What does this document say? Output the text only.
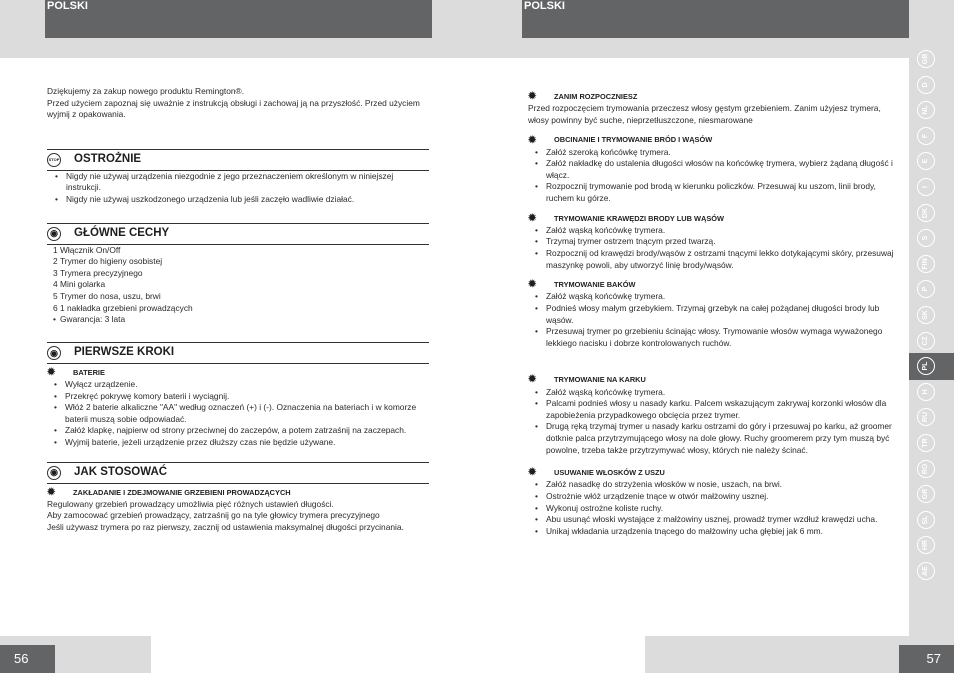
POLSKI	POLSKI

Dziękujemy za zakup nowego produktu Remington®.

Przed użyciem zapoznaj się uważnie z instrukcją obsługi i zachowaj ją na przyszłość. Przed użyciem wyjmij z opakowania.

STOP OSTROŻNIE
• Nigdy nie używaj urządzenia niezgodnie z jego przeznaczeniem określonym w niniejszej instrukcji.
• Nigdy nie używaj uszkodzonego urządzenia lub jeśli zaczęło wadliwie działać.
◉ GŁÓWNE CECHY
1 Włącznik On/Off
2 Trymer do higieny osobistej
3 Trymera precyzyjnego
4 Mini golarka
5 Trymer do nosa, uszu, brwi
6 1 nakładka grzebieni prowadzących
•
Gwarancja: 3 lata
◉ PIERWSZE KROKI
✹ BATERIE
• Wyłącz urządzenie.
• Przekręć pokrywę komory baterii i wyciągnij.
• Włóż 2 baterie alkaliczne "AA" według oznaczeń (+) i (-). Oznaczenia na bateriach i w komorze baterii muszą sobie odpowiadać.
• Załóż klapkę, najpierw od strony przeciwnej do zaczepów, a potem zatrzaśnij na zaczepach.
• Wyjmij baterie, jeżeli urządzenie przez dłuższy czas nie będzie używane.
◉ JAK STOSOWAĆ
✹ ZAKŁADANIE I ZDEJMOWANIE GRZEBIENI PROWADZĄCYCH

Regulowany grzebień prowadzący umożliwia pięć różnych ustawień długości.

Aby zamocować grzebień prowadzący, zatrzaśnij go na tyle głowicy trymera precyzyjnego

Jeśli używasz trymera po raz pierwszy, zacznij od ustawienia maksymalnej długości przycinania.

✹ ZANIM ROZPOCZNIESZ

Przed rozpoczęciem trymowania przeczesz włosy gęstym grzebieniem. Zanim użyjesz trymera, włosy powinny być suche, nieprzetłuszczone, niesmarowane

✹ OBCINANIE I TRYMOWANIE BRÓD I WĄSÓW
• Załóż szeroką końcówkę trymera.
• Załóż nakładkę do ustalenia długości włosów na końcówkę trymera, wybierz żądaną długość i włącz.
• Rozpocznij trymowanie pod brodą w kierunku policzków. Przesuwaj ku uszom, linii brody, ruchem ku górze.
✹ TRYMOWANIE KRAWĘDZI BRODY LUB WĄSÓW
• Załóż wąską końcówkę trymera.
• Trzymaj trymer ostrzem tnącym przed twarzą.
• Rozpocznij od krawędzi brody/wąsów z ostrzami tnącymi lekko dotykającymi skóry, przesuwaj maszynkę powoli, aby utworzyć linię brody/wąsów.
✹ TRYMOWANIE BAKÓW
• Załóż wąską końcówkę trymera.
• Podnieś włosy małym grzebykiem. Trzymaj grzebyk na całej pożądanej długości brody lub wąsów.
• Przesuwaj trymer po grzebieniu ścinając włosy. Trymowanie włosów wymaga wyważonego lekkiego nacisku i dobrze kontrolowanych ruchów.
✹ TRYMOWANIE NA KARKU
• Załóż wąską końcówkę trymera.
• Palcami podnieś włosy u nasady karku. Palcem wskazującym zakrywaj korzonki włosów dla zapobieżenia przypadkowego obcięcia przez trymer.
• Drugą ręką trzymaj trymer u nasady karku ostrzami do góry i przesuwaj po karku, aż groomer dotknie palca przytrzymującego włosy na dole głowy. Ruchy groomerem przy tym muszą być powolne, trzeba także przytrzymywać włosy, których nie należy ścinać.
✹ USUWANIE WŁOSKÓW Z USZU
• Załóż nasadkę do strzyżenia włosków w nosie, uszach, na brwi.
• Ostrożnie włóż urządzenie tnące w otwór małżowiny usznej.
• Wykonuj ostrożne koliste ruchy.
• Abu usunąć włoski wystające z małżowiny usznej, prowadź trymer wzdłuż krawędzi ucha.
• Unikaj wkładania urządzenia tnącego do małżowiny ucha głębiej jak 6 mm.
GB
D
NL
F
E
I
DK
S
FIN
P
SK
CZ
PL
H
RU
TR
RO
GR
SL
HR
AE
56	57
